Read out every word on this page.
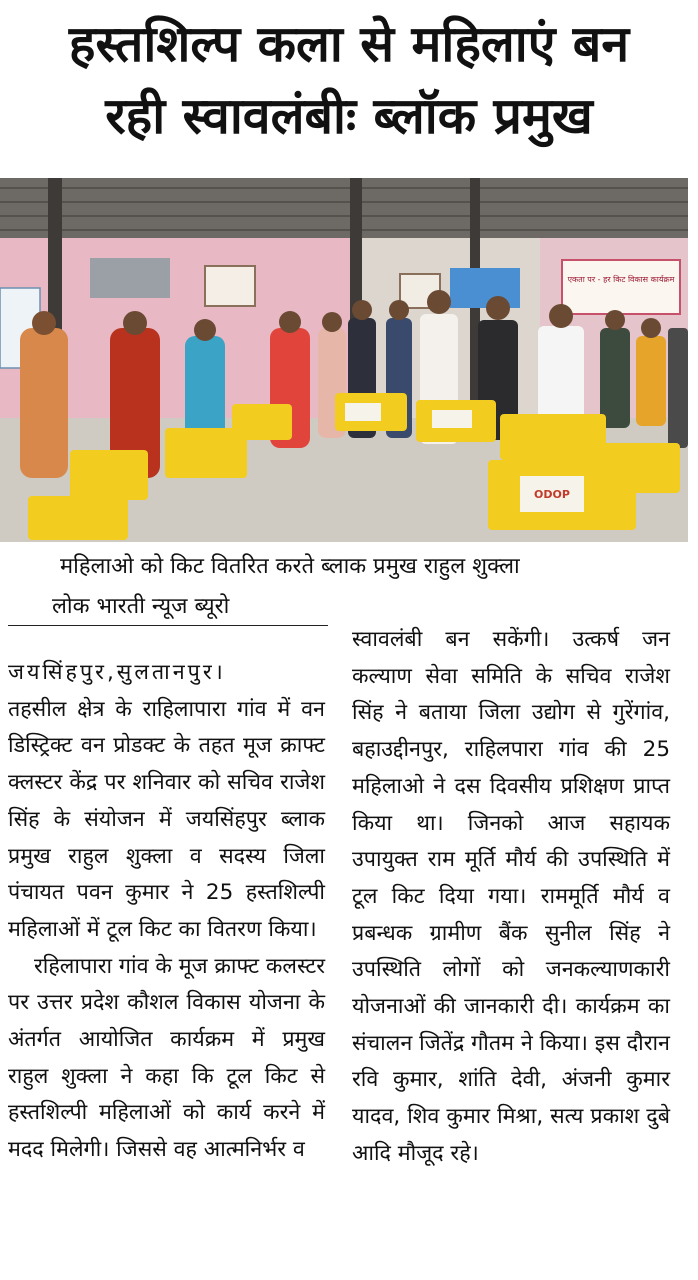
हस्तशिल्प कला से महिलाएं बन
रही स्वावलंबीः ब्लॉक प्रमुख
एकता पर - हर किट विकास कार्यक्रम
ODOP
महिलाओ को किट वितरित करते ब्लाक प्रमुख राहुल शुक्ला
लोक भारती न्यूज ब्यूरो

जयसिंहपुर,सुलतानपुर।

तहसील क्षेत्र के राहिलापारा गांव में वन डिस्ट्रिक्ट वन प्रोडक्ट के तहत मूज क्राफ्ट क्लस्टर केंद्र पर शनिवार को सचिव राजेश सिंह के संयोजन में जयसिंहपुर ब्लाक प्रमुख राहुल शुक्ला व सदस्य जिला पंचायत पवन कुमार ने 25 हस्तशिल्पी महिलाओं में टूल किट का वितरण किया।

रहिलापारा गांव के मूज क्राफ्ट कलस्टर पर उत्तर प्रदेश कौशल विकास योजना के अंतर्गत आयोजित कार्यक्रम में प्रमुख राहुल शुक्ला ने कहा कि टूल किट से हस्तशिल्पी महिलाओं को कार्य करने में मदद मिलेगी। जिससे वह आत्मनिर्भर व

स्वावलंबी बन सकेंगी। उत्कर्ष जन कल्याण सेवा समिति के सचिव राजेश सिंह ने बताया जिला उद्योग से गुरेंगांव, बहाउद्दीनपुर, राहिलपारा गांव की 25 महिलाओ ने दस दिवसीय प्रशिक्षण प्राप्त किया था। जिनको आज सहायक उपायुक्त राम मूर्ति मौर्य की उपस्थिति में टूल किट दिया गया। राममूर्ति मौर्य व प्रबन्धक ग्रामीण बैंक सुनील सिंह ने उपस्थिति लोगों को जनकल्याणकारी योजनाओं की जानकारी दी। कार्यक्रम का संचालन जितेंद्र गौतम ने किया। इस दौरान रवि कुमार, शांति देवी, अंजनी कुमार यादव, शिव कुमार मिश्रा, सत्य प्रकाश दुबे आदि मौजूद रहे।
